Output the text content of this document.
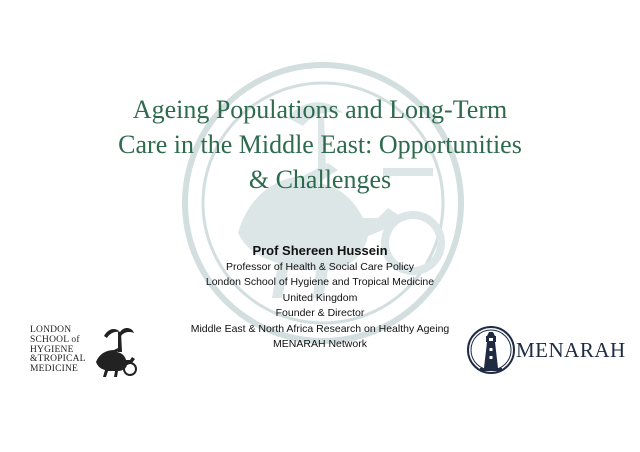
Ageing Populations and Long-Term
Care in the Middle East: Opportunities
& Challenges
Prof Shereen Hussein
Professor of Health & Social Care Policy
London School of Hygiene and Tropical Medicine
United Kingdom
Founder & Director
Middle East & North Africa Research on Healthy Ageing
MENARAH Network
LONDON
SCHOOL of
HYGIENE
&TROPICAL
MEDICINE
MENARAH
